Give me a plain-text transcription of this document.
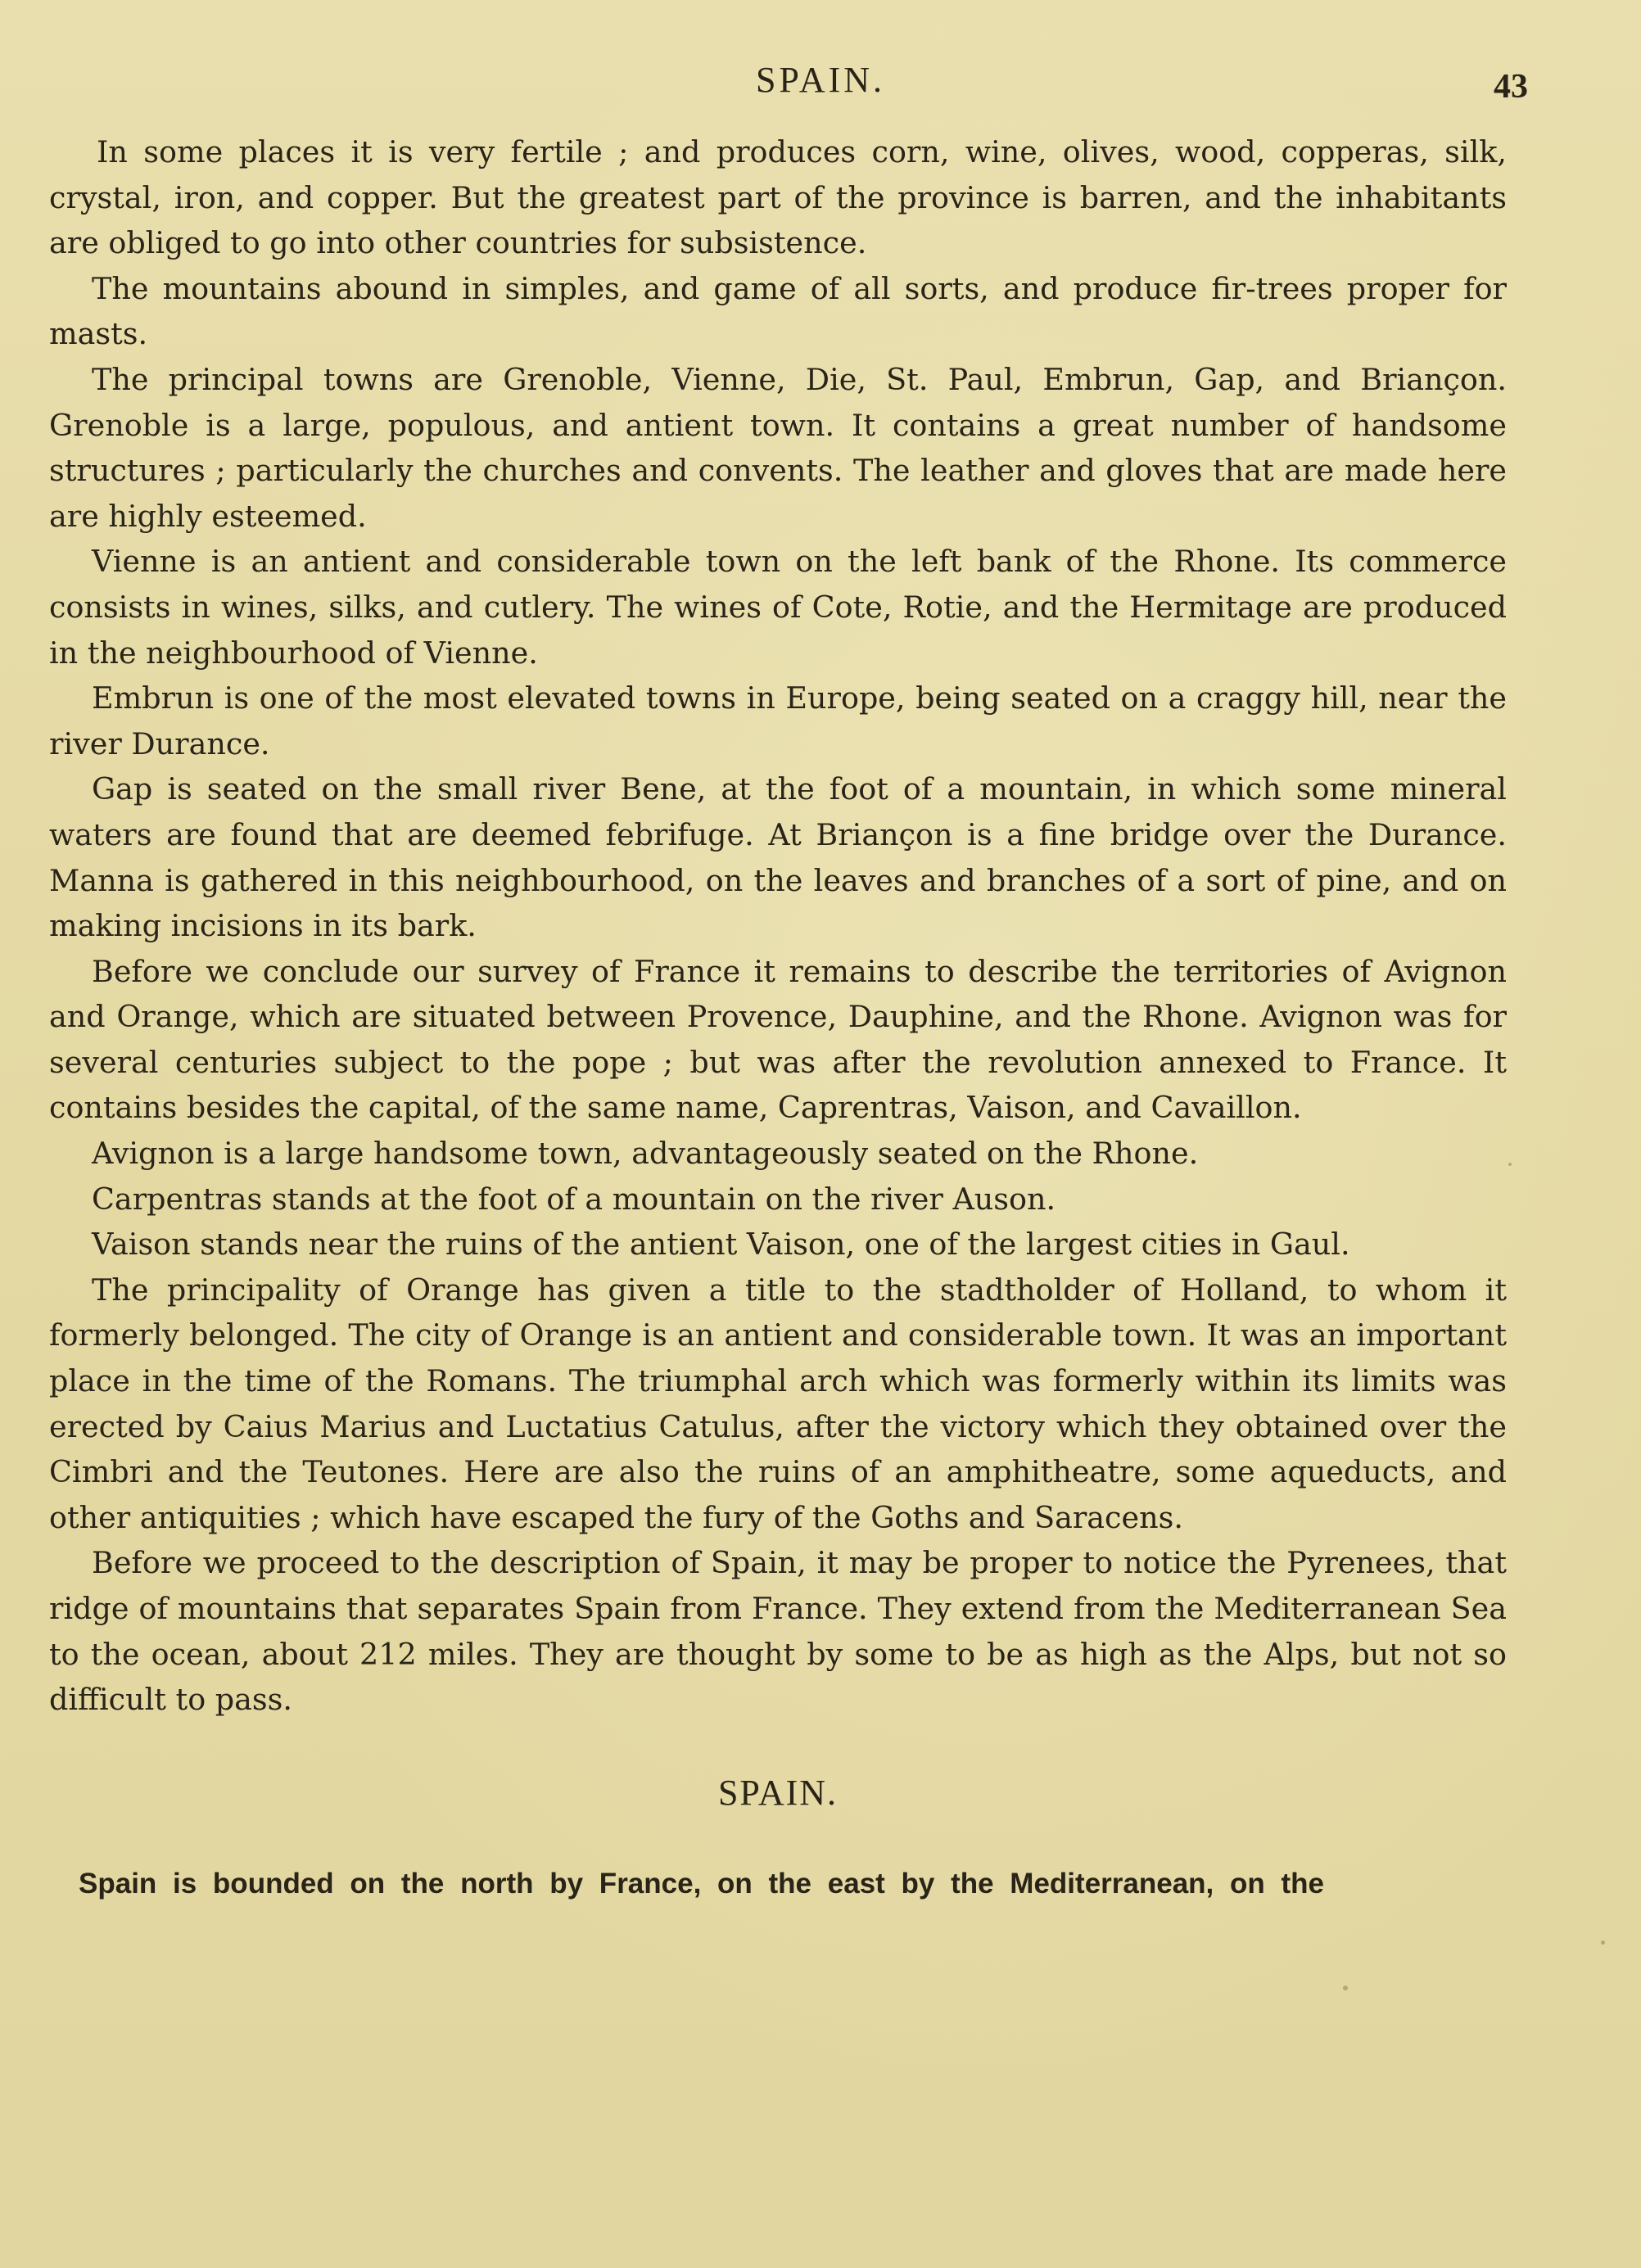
SPAIN.	43

In some places it is very fertile ; and produces corn, wine, olives, wood, copperas, silk, crystal, iron, and copper. But the greatest part of the province is barren, and the inhabitants are obliged to go into other countries for subsistence.

The mountains abound in simples, and game of all sorts, and produce fir-trees proper for masts.

The principal towns are Grenoble, Vienne, Die, St. Paul, Embrun, Gap, and Briançon. Grenoble is a large, populous, and antient town. It contains a great number of handsome structures ; particularly the churches and convents. The leather and gloves that are made here are highly esteemed.

Vienne is an antient and considerable town on the left bank of the Rhone. Its commerce consists in wines, silks, and cutlery. The wines of Cote, Rotie, and the Hermitage are produced in the neighbourhood of Vienne.

Embrun is one of the most elevated towns in Europe, being seated on a craggy hill, near the river Durance.

Gap is seated on the small river Bene, at the foot of a mountain, in which some mineral waters are found that are deemed febrifuge. At Briançon is a fine bridge over the Durance. Manna is gathered in this neighbourhood, on the leaves and branches of a sort of pine, and on making incisions in its bark.

Before we conclude our survey of France it remains to describe the territories of Avignon and Orange, which are situated between Provence, Dauphine, and the Rhone. Avignon was for several centuries subject to the pope ; but was after the revolution annexed to France. It contains besides the capital, of the same name, Caprentras, Vaison, and Cavaillon.

Avignon is a large handsome town, advantageously seated on the Rhone.

Carpentras stands at the foot of a mountain on the river Auson.

Vaison stands near the ruins of the antient Vaison, one of the largest cities in Gaul.

The principality of Orange has given a title to the stadtholder of Holland, to whom it formerly belonged. The city of Orange is an antient and considerable town. It was an important place in the time of the Romans. The triumphal arch which was formerly within its limits was erected by Caius Marius and Luctatius Catulus, after the victory which they obtained over the Cimbri and the Teutones. Here are also the ruins of an amphitheatre, some aqueducts, and other antiquities ; which have escaped the fury of the Goths and Saracens.

Before we proceed to the description of Spain, it may be proper to notice the Pyrenees, that ridge of mountains that separates Spain from France. They extend from the Mediterranean Sea to the ocean, about 212 miles. They are thought by some to be as high as the Alps, but not so difficult to pass.

SPAIN.

Spain is bounded on the north by France, on the east by the Mediterranean, on the
